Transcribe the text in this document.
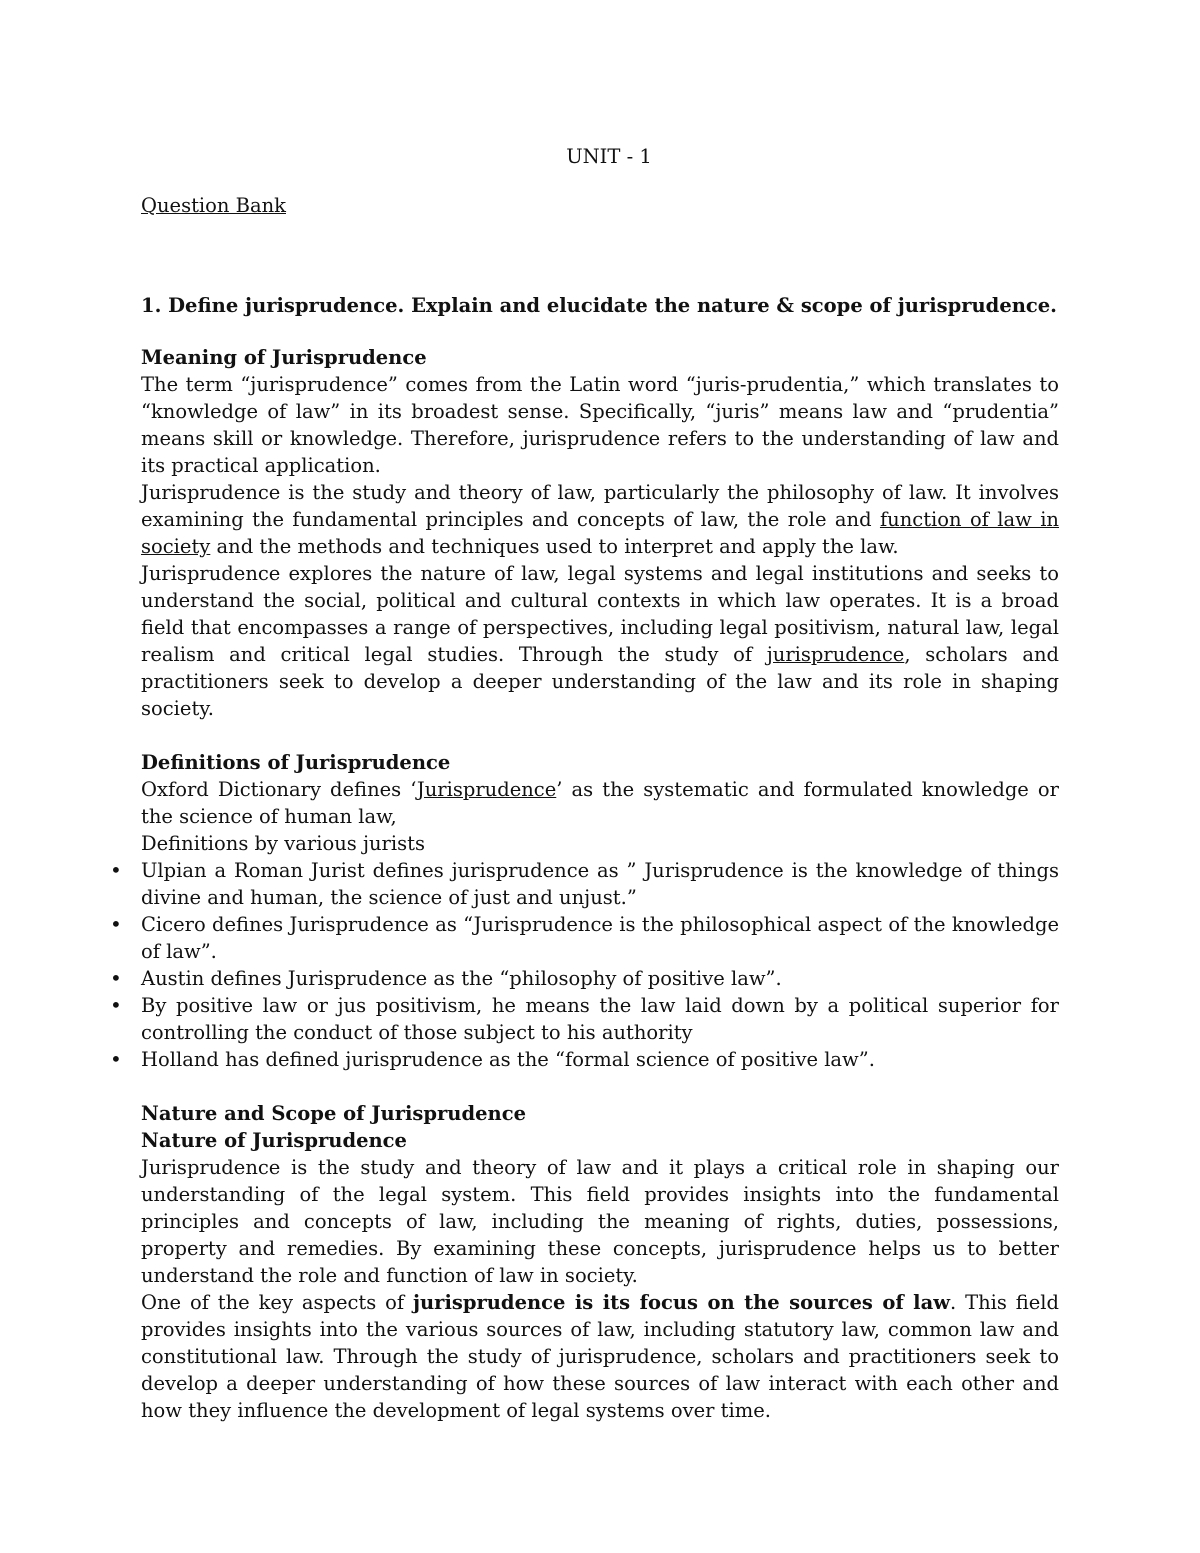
UNIT - 1

Question Bank

1. Define jurisprudence. Explain and elucidate the nature & scope of jurisprudence.

Meaning of Jurisprudence

The term “jurisprudence” comes from the Latin word “juris-prudentia,” which translates to “knowledge of law” in its broadest sense. Specifically, “juris” means law and “prudentia” means skill or knowledge. Therefore, jurisprudence refers to the understanding of law and its practical application.

Jurisprudence is the study and theory of law, particularly the philosophy of law. It involves examining the fundamental principles and concepts of law, the role and function of law in society and the methods and techniques used to interpret and apply the law.

Jurisprudence explores the nature of law, legal systems and legal institutions and seeks to understand the social, political and cultural contexts in which law operates. It is a broad field that encompasses a range of perspectives, including legal positivism, natural law, legal realism and critical legal studies. Through the study of jurisprudence, scholars and practitioners seek to develop a deeper understanding of the law and its role in shaping society.

Definitions of Jurisprudence

Oxford Dictionary defines ‘Jurisprudence’ as the systematic and formulated knowledge or the science of human law,

Definitions by various jurists

• Ulpian a Roman Jurist defines jurisprudence as ” Jurisprudence is the knowledge of things divine and human, the science of just and unjust.”
• Cicero defines Jurisprudence as “Jurisprudence is the philosophical aspect of the knowledge of law”.
• Austin defines Jurisprudence as the “philosophy of positive law”.
• By positive law or jus positivism, he means the law laid down by a political superior for controlling the conduct of those subject to his authority
• Holland has defined jurisprudence as the “formal science of positive law”.
Nature and Scope of Jurisprudence
Nature of Jurisprudence

Jurisprudence is the study and theory of law and it plays a critical role in shaping our understanding of the legal system. This field provides insights into the fundamental principles and concepts of law, including the meaning of rights, duties, possessions, property and remedies. By examining these concepts, jurisprudence helps us to better understand the role and function of law in society.

One of the key aspects of jurisprudence is its focus on the sources of law. This field provides insights into the various sources of law, including statutory law, common law and constitutional law. Through the study of jurisprudence, scholars and practitioners seek to develop a deeper understanding of how these sources of law interact with each other and how they influence the development of legal systems over time.
